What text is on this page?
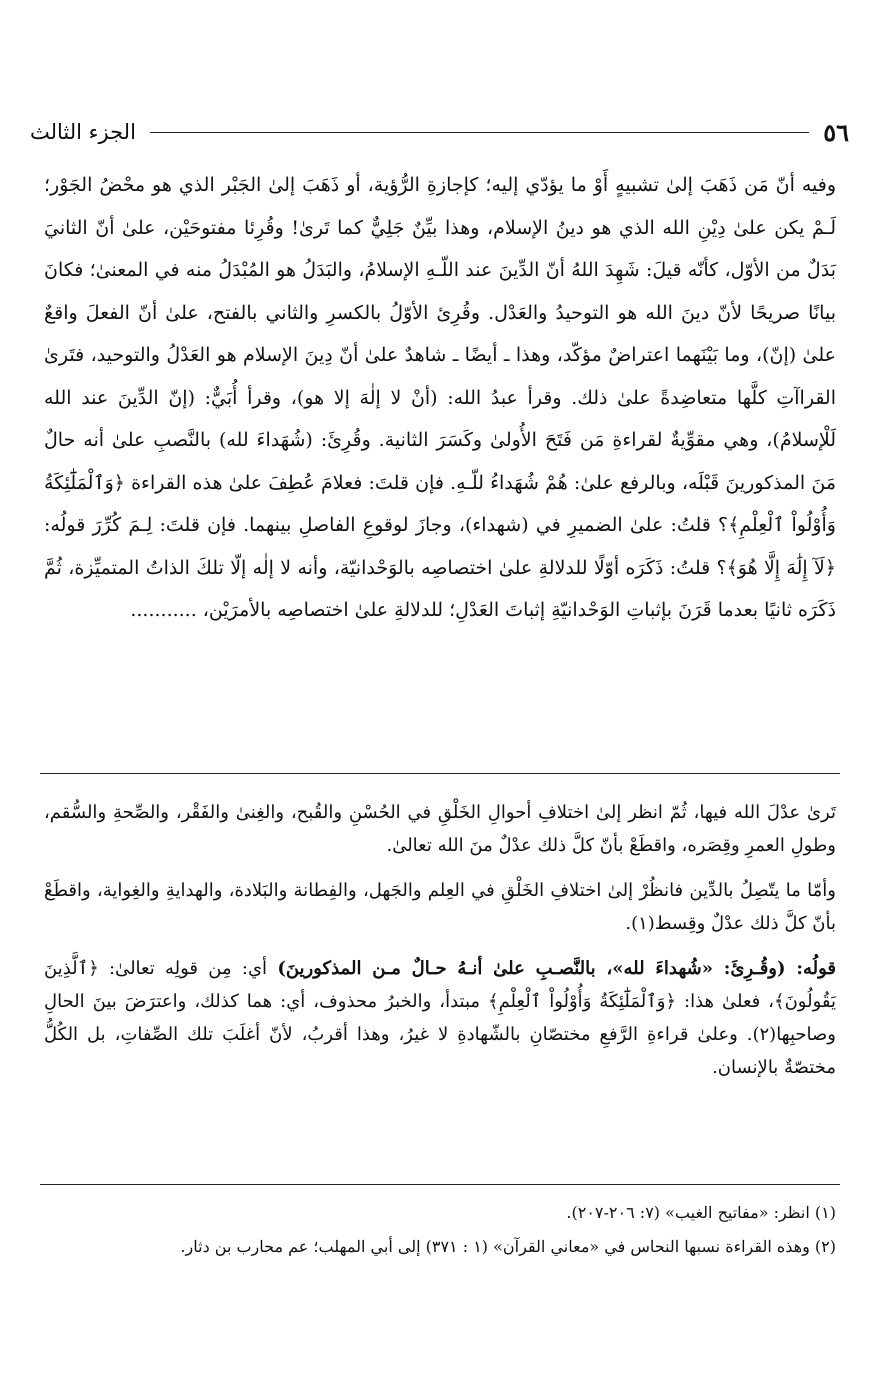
٥٦
الجزء الثالث

وفيه أنّ مَن ذَهَبَ إلىٰ تشبيهٍ أَوْ ما يؤدّي إليه؛ كإجازةِ الرُّؤية، أو ذَهَبَ إلىٰ الجَبْر الذي هو محْضُ الجَوْر؛ لَـمْ يكن علىٰ دِيْنِ الله الذي هو دينُ الإسلام، وهذا بيِّنٌ جَلِيٌّ كما تَرىٰ! وقُرِئا مفتوحَيْن، علىٰ أنّ الثانيَ بَدَلٌ من الأوّل، كأنّه قيلَ: شَهِدَ اللهُ أنّ الدِّينَ عند اللّـهِ الإسلامُ، والبَدَلُ هو المُبْدَلُ منه في المعنىٰ؛ فكانَ بيانًا صريحًا لأنّ دينَ الله هو التوحيدُ والعَدْل. وقُرِئ الأوّلُ بالكسرِ والثاني بالفتح، علىٰ أنّ الفعلَ واقعٌ علىٰ (إنّ)، وما بَيْنَهما اعتراضٌ مؤكّد، وهذا ـ أيضًا ـ شاهدٌ علىٰ أنّ دِينَ الإسلام هو العَدْلُ والتوحيد، فتَرىٰ القراآتِ كلَّها متعاضِدةً علىٰ ذلك. وقرأ عبدُ الله: (أنْ لا إلٰهَ إلا هو)، وقرأ أُبَيٌّ: (إنّ الدِّينَ عند الله لَلْإسلامُ)، وهي مقوِّيةٌ لقراءةِ مَن فَتَحَ الأُولىٰ وكَسَرَ الثانية. وقُرِئَ: (شُهَداءَ لله) بالنَّصبِ علىٰ أنه حالٌ مَنَ المذكورينَ قَبْلَه، وبالرفع علىٰ: هُمْ شُهَداءُ للّـهِ. فإن قلتَ: فعلامَ عُطِفَ علىٰ هذه القراءة ﴿وَٱلْمَلَٰٓئِكَةُ وَأُوْلُواْ ٱلْعِلْمِ﴾؟ قلتُ: علىٰ الضميرِ في (شهداء)، وجازَ لوقوعِ الفاصلِ بينهما. فإن قلتَ: لِـمَ كُرِّرَ قولُه: ﴿لَآ إِلَٰهَ إِلَّا هُوَ﴾؟ قلتُ: ذَكَرَه أوّلًا للدلالةِ علىٰ اختصاصِه بالوَحْدانيّة، وأنه لا إلٰه إلّا تلكَ الذاتُ المتميِّزة، ثُمَّ ذَكَرَه ثانيًا بعدما قَرَنَ بإثباتِ الوَحْدانيّةِ إثباتَ العَدْلِ؛ للدلالةِ علىٰ اختصاصِه بالأمرَيْن، ...........

تَرىٰ عدْلَ الله فيها، ثُمّ انظر إلىٰ اختلافِ أحوالِ الخَلْقِ في الحُسْنِ والقُبح، والغِنىٰ والفَقْر، والصِّحةِ والسُّقم، وطولِ العمرِ وقِصَره، واقطَعْ بأنّ كلَّ ذلك عدْلٌ منَ الله تعالىٰ.

وأمّا ما يتّصِلُ بالدِّين فانظُرْ إلىٰ اختلافِ الخَلْقِ في العِلم والجَهل، والفِطانة والبَلادة، والهدايةِ والغِواية، واقطَعْ بأنّ كلَّ ذلك عدْلٌ وقِسط(١).

قولُه: (وقُـرِئَ: «شُهداءَ لله»، بالنَّصـبِ علىٰ أنـهُ حـالٌ مـن المذكورينَ) أي: مِن قولِه تعالىٰ: ﴿ٱلَّذِينَ يَقُولُونَ﴾، فعلىٰ هذا: ﴿وَٱلْمَلَٰٓئِكَةُ وَأُوْلُواْ ٱلْعِلْمِ﴾ مبتدأ، والخبرُ محذوف، أي: هما كذلك، واعترَضَ بينَ الحالِ وصاحبِها(٢). وعلىٰ قراءةِ الرَّفعِ مختصّانِ بالشّهادةِ لا غيرُ، وهذا أقربُ، لأنّ أغلَبَ تلك الصِّفاتِ، بل الكُلُّ مختصّةٌ بالإنسان.

(١) انظر: «مفاتيح الغيب» (٧: ٢٠٦-٢٠٧).

(٢) وهذه القراءة نسبها النحاس في «معاني القرآن» (١ : ٣٧١) إلى أبي المهلب؛ عم محارب بن دثار.
